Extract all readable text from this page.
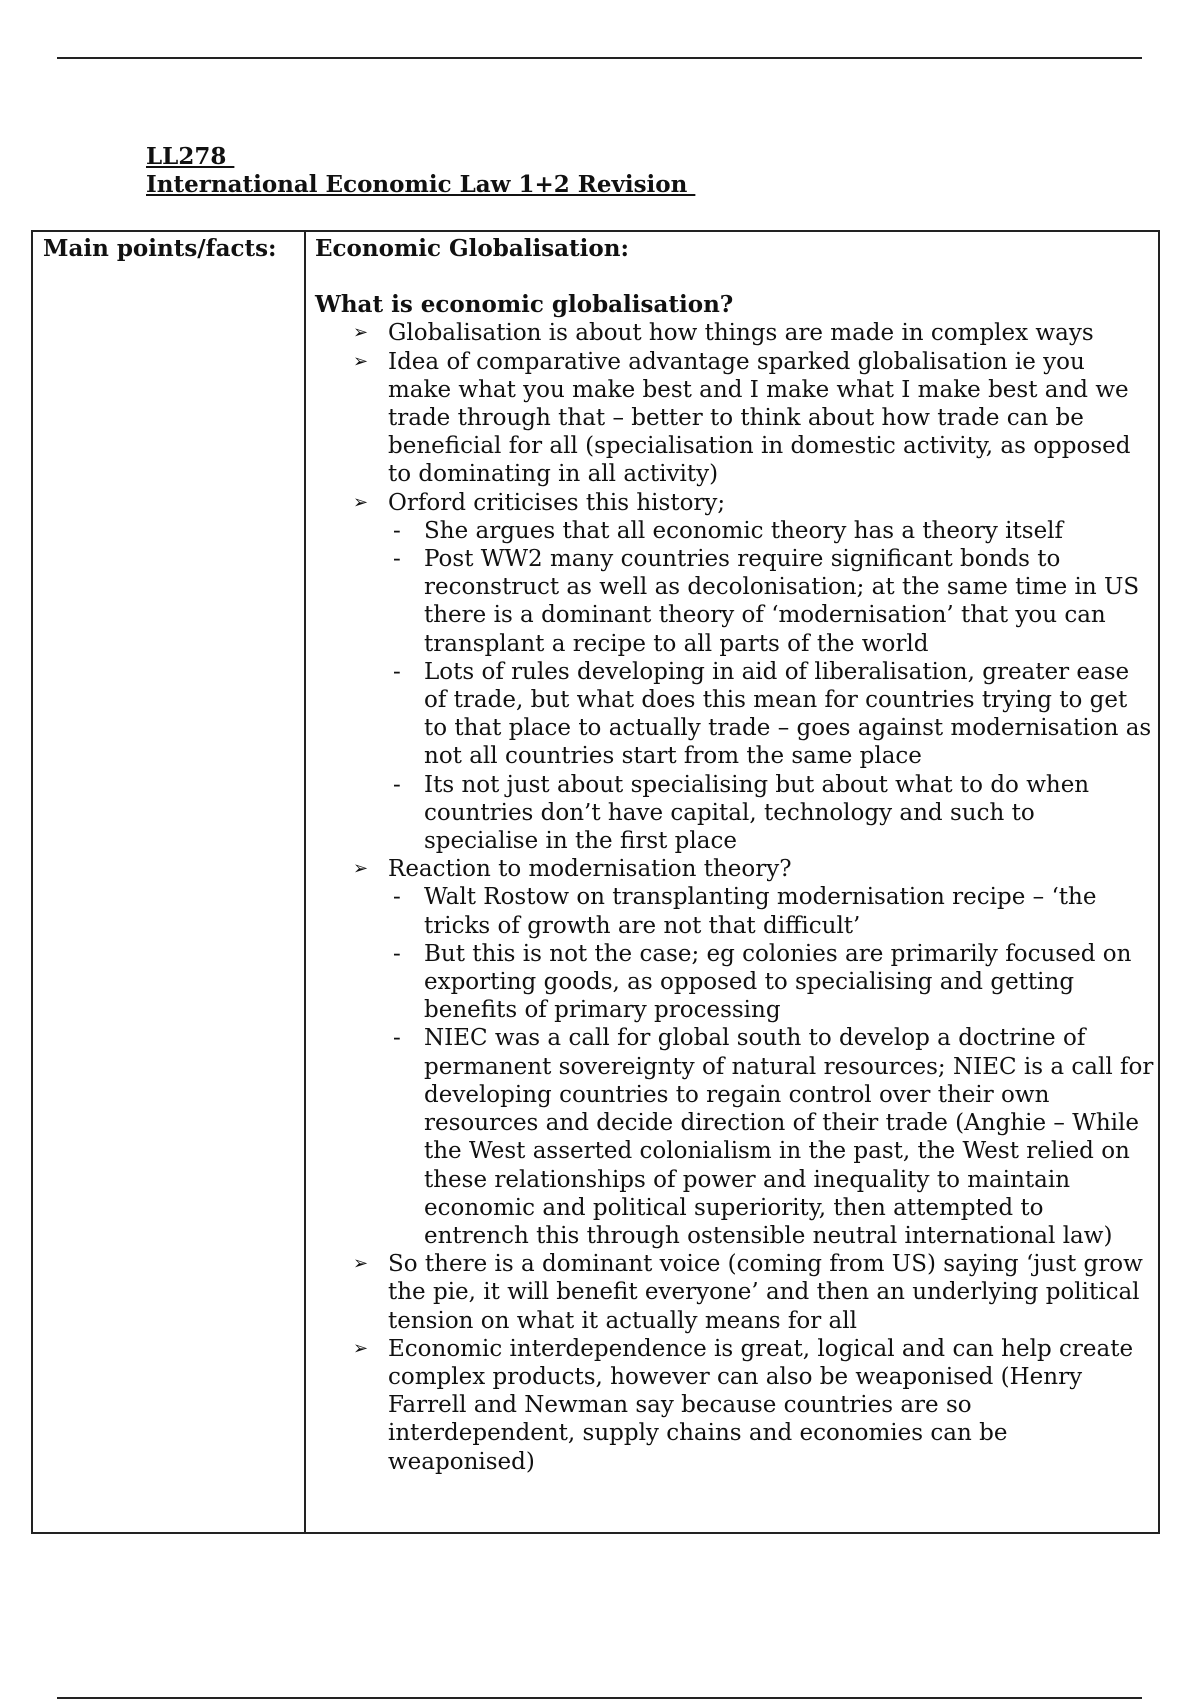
LL278
International Economic Law 1+2 Revision
Main points/facts: Economic Globalisation:
What is economic globalisation?
➢ Globalisation is about how things are made in complex ways
➢ Idea of comparative advantage sparked globalisation ie you make what you make best and I make what I make best and we trade through that – better to think about how trade can be beneficial for all (specialisation in domestic activity, as opposed to dominating in all activity)
➢ Orford criticises this history;
- She argues that all economic theory has a theory itself
- Post WW2 many countries require significant bonds to reconstruct as well as decolonisation; at the same time in US there is a dominant theory of ‘modernisation’ that you can transplant a recipe to all parts of the world
- Lots of rules developing in aid of liberalisation, greater ease of trade, but what does this mean for countries trying to get to that place to actually trade – goes against modernisation as not all countries start from the same place
- Its not just about specialising but about what to do when countries don’t have capital, technology and such to specialise in the first place
➢ Reaction to modernisation theory?
- Walt Rostow on transplanting modernisation recipe – ‘the tricks of growth are not that difficult’
- But this is not the case; eg colonies are primarily focused on exporting goods, as opposed to specialising and getting benefits of primary processing
- NIEC was a call for global south to develop a doctrine of permanent sovereignty of natural resources; NIEC is a call for developing countries to regain control over their own resources and decide direction of their trade (Anghie – While the West asserted colonialism in the past, the West relied on these relationships of power and inequality to maintain economic and political superiority, then attempted to entrench this through ostensible neutral international law)
➢ So there is a dominant voice (coming from US) saying ‘just grow the pie, it will benefit everyone’ and then an underlying political tension on what it actually means for all
➢ Economic interdependence is great, logical and can help create complex products, however can also be weaponised (Henry Farrell and Newman say because countries are so interdependent, supply chains and economies can be weaponised)
